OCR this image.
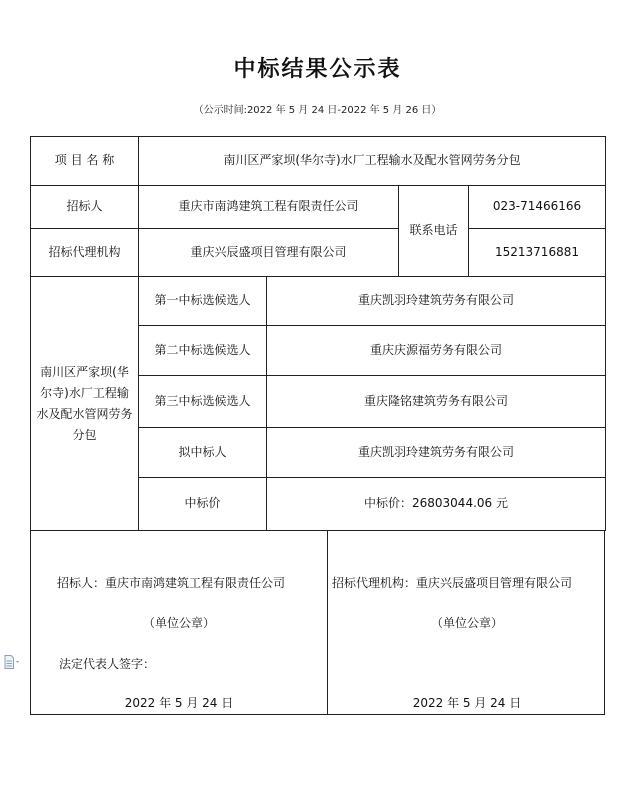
中标结果公示表
（公示时间:2022 年 5 月 24 日-2022 年 5 月 26 日）
项 目 名 称	南川区严家坝(华尔寺)水厂工程输水及配水管网劳务分包			
招标人	重庆市南鸿建筑工程有限责任公司		联系电话	023-71466166
招标代理机构	重庆兴辰盛项目管理有限公司			15213716881
南川区严家坝(华尔寺)水厂工程输水及配水管网劳务分包	第一中标选候选人	重庆凯羽玲建筑劳务有限公司		
	第二中标选候选人	重庆庆源福劳务有限公司		
	第三中标选候选人	重庆隆铭建筑劳务有限公司		
	拟中标人	重庆凯羽玲建筑劳务有限公司		
	中标价	中标价：26803044.06 元		
招标人：重庆市南鸿建筑工程有限责任公司
（单位公章）
法定代表人签字：
2022 年 5 月 24 日
招标代理机构：重庆兴辰盛项目管理有限公司
（单位公章）
2022 年 5 月 24 日
